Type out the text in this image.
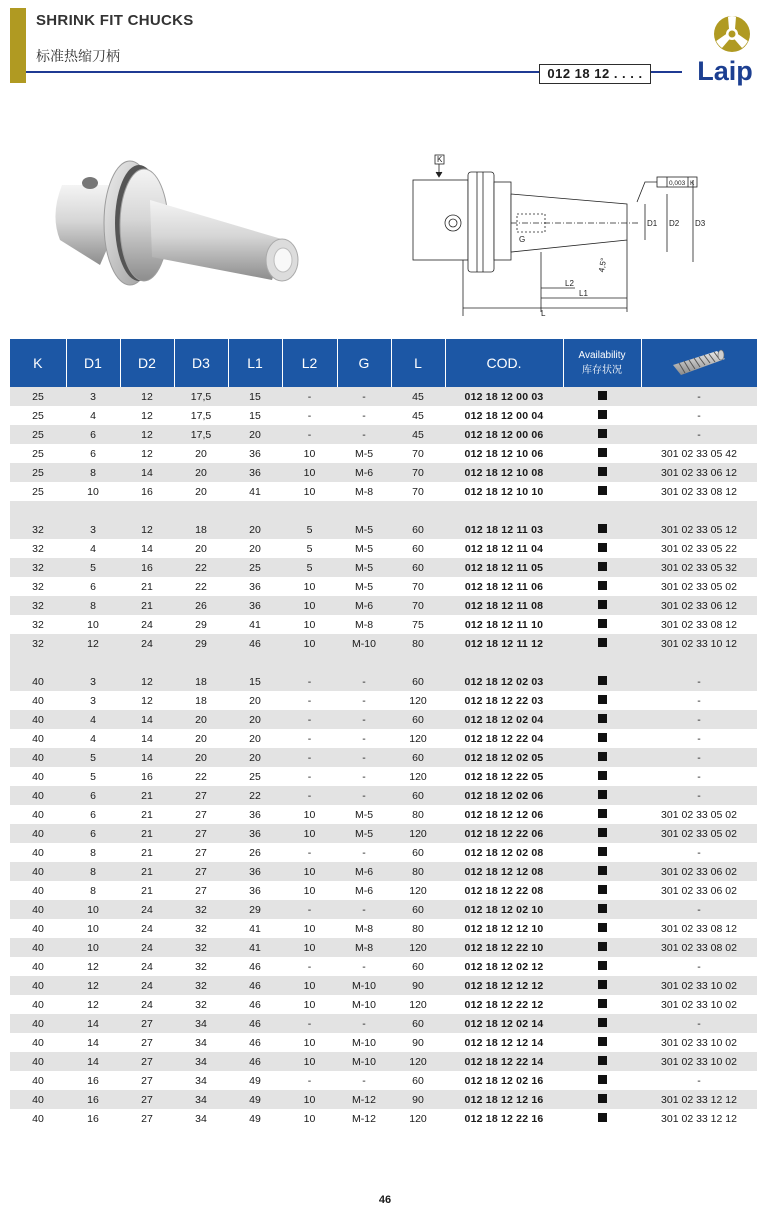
SHRINK FIT CHUCKS
标准热缩刀柄
012 18 12 . . . .	Laip
K
G
0,003 K
D1 D2 D3
4,5°
L2
L1
L
K	D1	D2	D3	L1	L2	G	L	COD.	Availability
库存状况

25	3	12	17,5	15	-	-	45	012 18 12 00 03		-
25	4	12	17,5	15	-	-	45	012 18 12 00 04		-
25	6	12	17,5	20	-	-	45	012 18 12 00 06		-
25	6	12	20	36	10	M-5	70	012 18 12 10 06		301 02 33 05 42
25	8	14	20	36	10	M-6	70	012 18 12 10 08		301 02 33 06 12
25	10	16	20	41	10	M-8	70	012 18 12 10 10		301 02 33 08 12

32	3	12	18	20	5	M-5	60	012 18 12 11 03		301 02 33 05 12
32	4	14	20	20	5	M-5	60	012 18 12 11 04		301 02 33 05 22
32	5	16	22	25	5	M-5	60	012 18 12 11 05		301 02 33 05 32
32	6	21	22	36	10	M-5	70	012 18 12 11 06		301 02 33 05 02
32	8	21	26	36	10	M-6	70	012 18 12 11 08		301 02 33 06 12
32	10	24	29	41	10	M-8	75	012 18 12 11 10		301 02 33 08 12
32	12	24	29	46	10	M-10	80	012 18 12 11 12		301 02 33 10 12

40	3	12	18	15	-	-	60	012 18 12 02 03		-
40	3	12	18	20	-	-	120	012 18 12 22 03		-
40	4	14	20	20	-	-	60	012 18 12 02 04		-
40	4	14	20	20	-	-	120	012 18 12 22 04		-
40	5	14	20	20	-	-	60	012 18 12 02 05		-
40	5	16	22	25	-	-	120	012 18 12 22 05		-
40	6	21	27	22	-	-	60	012 18 12 02 06		-
40	6	21	27	36	10	M-5	80	012 18 12 12 06		301 02 33 05 02
40	6	21	27	36	10	M-5	120	012 18 12 22 06		301 02 33 05 02
40	8	21	27	26	-	-	60	012 18 12 02 08		-
40	8	21	27	36	10	M-6	80	012 18 12 12 08		301 02 33 06 02
40	8	21	27	36	10	M-6	120	012 18 12 22 08		301 02 33 06 02
40	10	24	32	29	-	-	60	012 18 12 02 10		-
40	10	24	32	41	10	M-8	80	012 18 12 12 10		301 02 33 08 12
40	10	24	32	41	10	M-8	120	012 18 12 22 10		301 02 33 08 02
40	12	24	32	46	-	-	60	012 18 12 02 12		-
40	12	24	32	46	10	M-10	90	012 18 12 12 12		301 02 33 10 02
40	12	24	32	46	10	M-10	120	012 18 12 22 12		301 02 33 10 02
40	14	27	34	46	-	-	60	012 18 12 02 14		-
40	14	27	34	46	10	M-10	90	012 18 12 12 14		301 02 33 10 02
40	14	27	34	46	10	M-10	120	012 18 12 22 14		301 02 33 10 02
40	16	27	34	49	-	-	60	012 18 12 02 16		-
40	16	27	34	49	10	M-12	90	012 18 12 12 16		301 02 33 12 12
40	16	27	34	49	10	M-12	120	012 18 12 22 16		301 02 33 12 12
46
